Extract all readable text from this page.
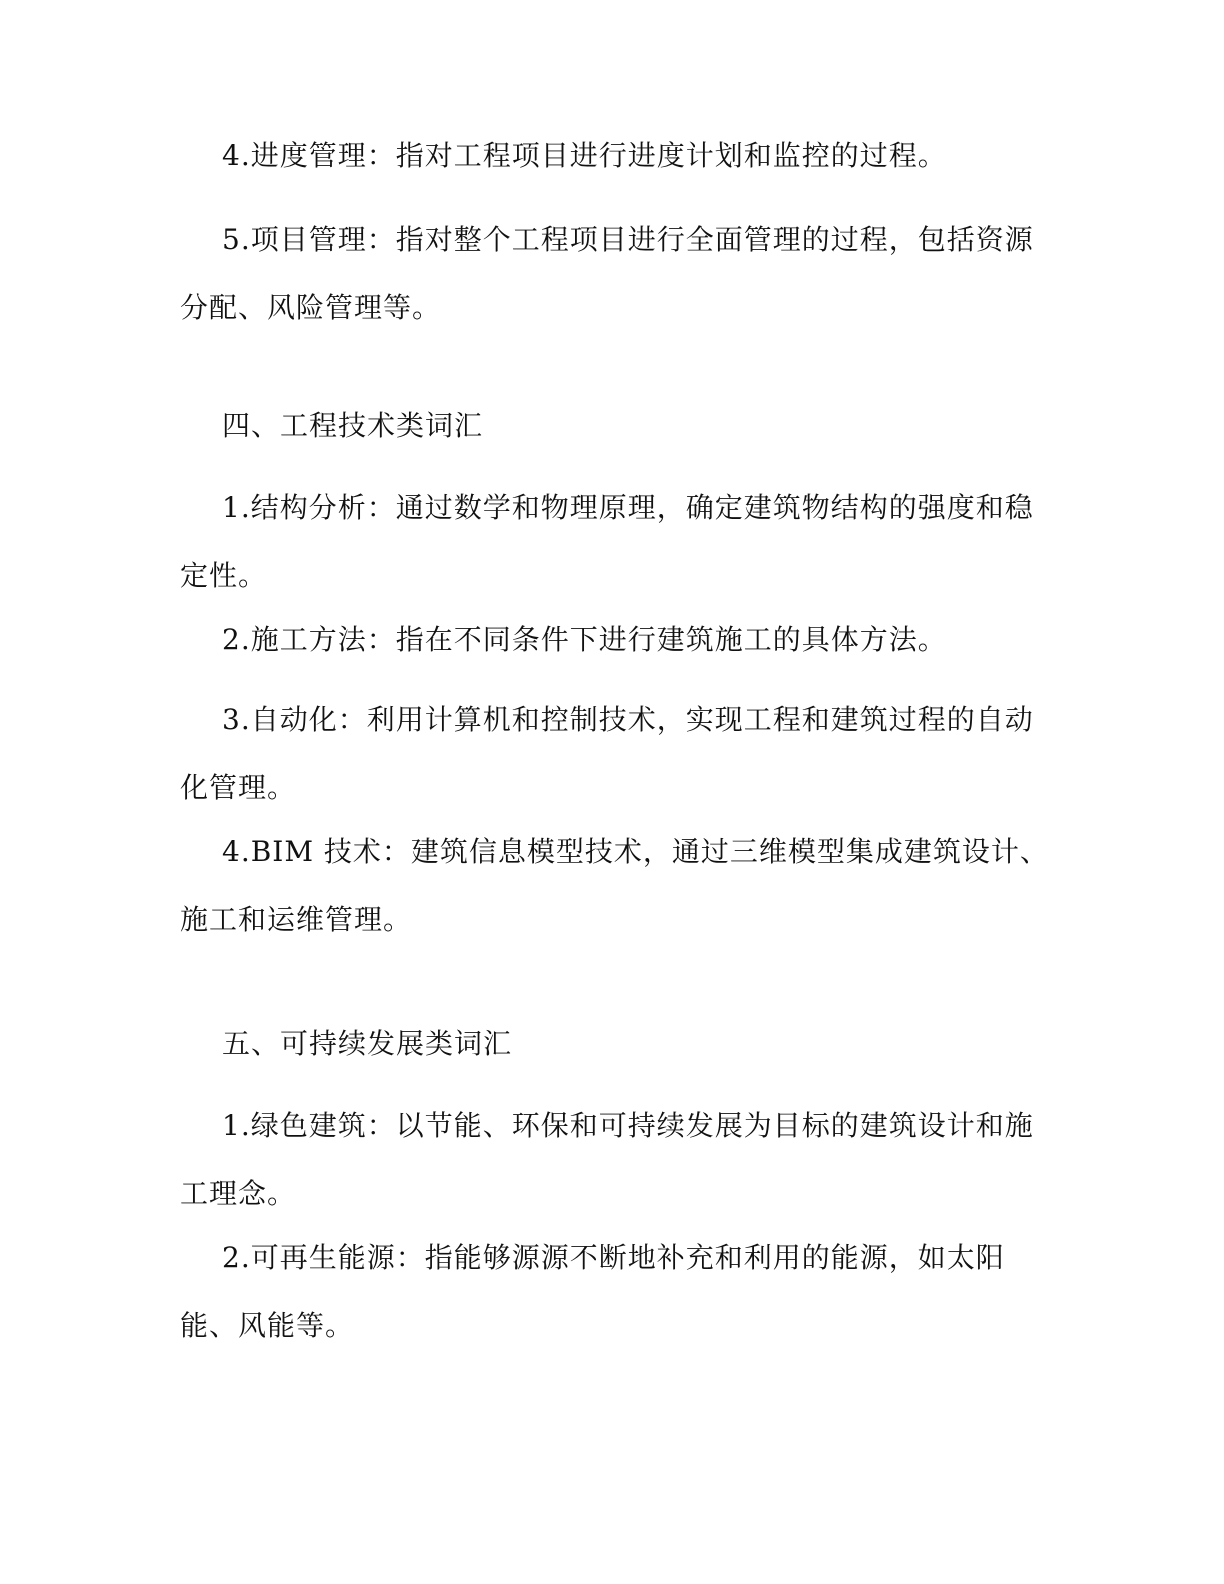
4.进度管理：指对工程项目进行进度计划和监控的过程。

5.项目管理：指对整个工程项目进行全面管理的过程，包括资源分配、风险管理等。

四、工程技术类词汇

1.结构分析：通过数学和物理原理，确定建筑物结构的强度和稳定性。

2.施工方法：指在不同条件下进行建筑施工的具体方法。

3.自动化：利用计算机和控制技术，实现工程和建筑过程的自动化管理。

4.BIM 技术：建筑信息模型技术，通过三维模型集成建筑设计、施工和运维管理。

五、可持续发展类词汇

1.绿色建筑：以节能、环保和可持续发展为目标的建筑设计和施工理念。

2.可再生能源：指能够源源不断地补充和利用的能源，如太阳能、风能等。
